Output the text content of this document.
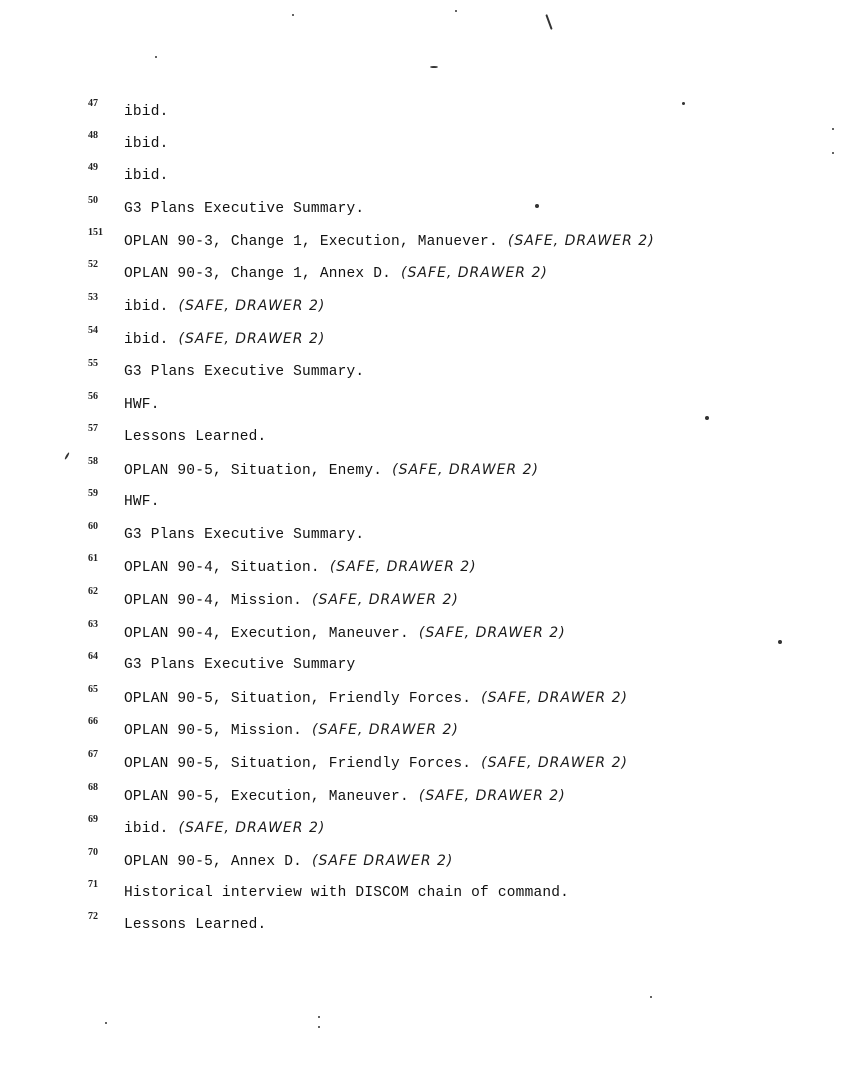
47
ibid.
48
ibid.
49
ibid.
50
G3 Plans Executive Summary.
151
OPLAN 90-3, Change 1, Execution, Manuever. (SAFE, DRAWER 2)
52
OPLAN 90-3, Change 1, Annex D. (SAFE, DRAWER 2)
53
ibid. (SAFE, DRAWER 2)
54
ibid. (SAFE, DRAWER 2)
55
G3 Plans Executive Summary.
56
HWF.
57
Lessons Learned.
58
OPLAN 90-5, Situation, Enemy. (SAFE, DRAWER 2)
59
HWF.
60
G3 Plans Executive Summary.
61
OPLAN 90-4, Situation. (SAFE, DRAWER 2)
62
OPLAN 90-4, Mission. (SAFE, DRAWER 2)
63
OPLAN 90-4, Execution, Maneuver. (SAFE, DRAWER 2)
64
G3 Plans Executive Summary
65
OPLAN 90-5, Situation, Friendly Forces. (SAFE, DRAWER 2)
66
OPLAN 90-5, Mission. (SAFE, DRAWER 2)
67
OPLAN 90-5, Situation, Friendly Forces. (SAFE, DRAWER 2)
68
OPLAN 90-5, Execution, Maneuver. (SAFE, DRAWER 2)
69
ibid. (SAFE, DRAWER 2)
70
OPLAN 90-5, Annex D. (SAFE DRAWER 2)
71
Historical interview with DISCOM chain of command.
72
Lessons Learned.
